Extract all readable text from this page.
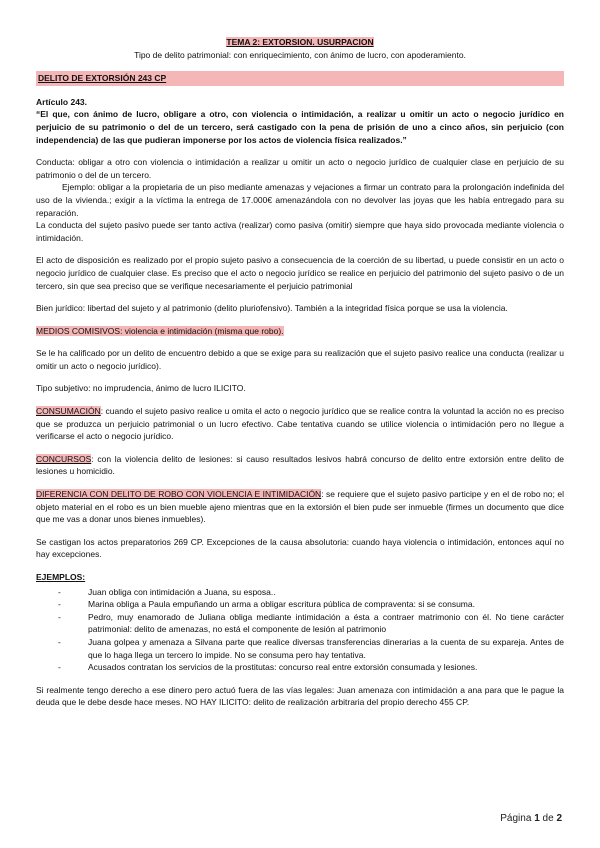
TEMA 2: EXTORSION. USURPACION

Tipo de delito patrimonial: con enriquecimiento, con ánimo de lucro, con apoderamiento.

DELITO DE EXTORSIÓN 243 CP

Artículo 243.

“El que, con ánimo de lucro, obligare a otro, con violencia o intimidación, a realizar u omitir un acto o negocio jurídico en perjuicio de su patrimonio o del de un tercero, será castigado con la pena de prisión de uno a cinco años, sin perjuicio (con independencia) de las que pudieran imponerse por los actos de violencia física realizados.”

Conducta: obligar a otro con violencia o intimidación a realizar u omitir un acto o negocio jurídico de cualquier clase en perjuicio de su patrimonio o del de un tercero.

Ejemplo: obligar a la propietaria de un piso mediante amenazas y vejaciones a firmar un contrato para la prolongación indefinida del uso de la vivienda.; exigir a la víctima la entrega de 17.000€ amenazándola con no devolver las joyas que les había entregado para su reparación.

La conducta del sujeto pasivo puede ser tanto activa (realizar) como pasiva (omitir) siempre que haya sido provocada mediante violencia o intimidación.

El acto de disposición es realizado por el propio sujeto pasivo a consecuencia de la coerción de su libertad, u puede consistir en un acto o negocio jurídico de cualquier clase. Es preciso que el acto o negocio jurídico se realice en perjuicio del patrimonio del sujeto pasivo o de un tercero, sin que sea preciso que se verifique necesariamente el perjuicio patrimonial

Bien jurídico: libertad del sujeto y al patrimonio (delito pluriofensivo). También a la integridad física porque se usa la violencia.

MEDIOS COMISIVOS: violencia e intimidación (misma que robo).

Se le ha calificado por un delito de encuentro debido a que se exige para su realización que el sujeto pasivo realice una conducta (realizar u omitir un acto o negocio jurídico).

Tipo subjetivo: no imprudencia, ánimo de lucro ILICITO.

CONSUMACIÓN: cuando el sujeto pasivo realice u omita el acto o negocio jurídico que se realice contra la voluntad la acción no es preciso que se produzca un perjuicio patrimonial o un lucro efectivo. Cabe tentativa cuando se utilice violencia o intimidación pero no llegue a verificarse el acto o negocio jurídico.

CONCURSOS: con la violencia delito de lesiones: si causo resultados lesivos habrá concurso de delito entre extorsión entre delito de lesiones u homicidio.

DIFERENCIA CON DELITO DE ROBO CON VIOLENCIA E INTIMIDACIÓN: se requiere que el sujeto pasivo participe y en el de robo no; el objeto material en el robo es un bien mueble ajeno mientras que en la extorsión el bien pude ser inmueble (firmes un documento que dice que me vas a donar unos bienes inmuebles).

Se castigan los actos preparatorios 269 CP. Excepciones de la causa absolutoria: cuando haya violencia o intimidación, entonces aquí no hay excepciones.

EJEMPLOS:

- Juan obliga con intimidación a Juana, su esposa..
- Marina obliga a Paula empuñando un arma a obligar escritura pública de compraventa: si se consuma.
- Pedro, muy enamorado de Juliana obliga mediante intimidación a ésta a contraer matrimonio con él. No tiene carácter patrimonial: delito de amenazas, no está el componente de lesión al patrimonio
- Juana golpea y amenaza a Silvana parte que realice diversas transferencias dinerarias a la cuenta de su expareja. Antes de que lo haga llega un tercero lo impide. No se consuma pero hay tentativa.
- Acusados contratan los servicios de la prostitutas: concurso real entre extorsión consumada y lesiones.

Si realmente tengo derecho a ese dinero pero actuó fuera de las vías legales: Juan amenaza con intimidación a ana para que le pague la deuda que le debe desde hace meses. NO HAY ILICITO: delito de realización arbitraria del propio derecho 455 CP.

Página 1 de 2
